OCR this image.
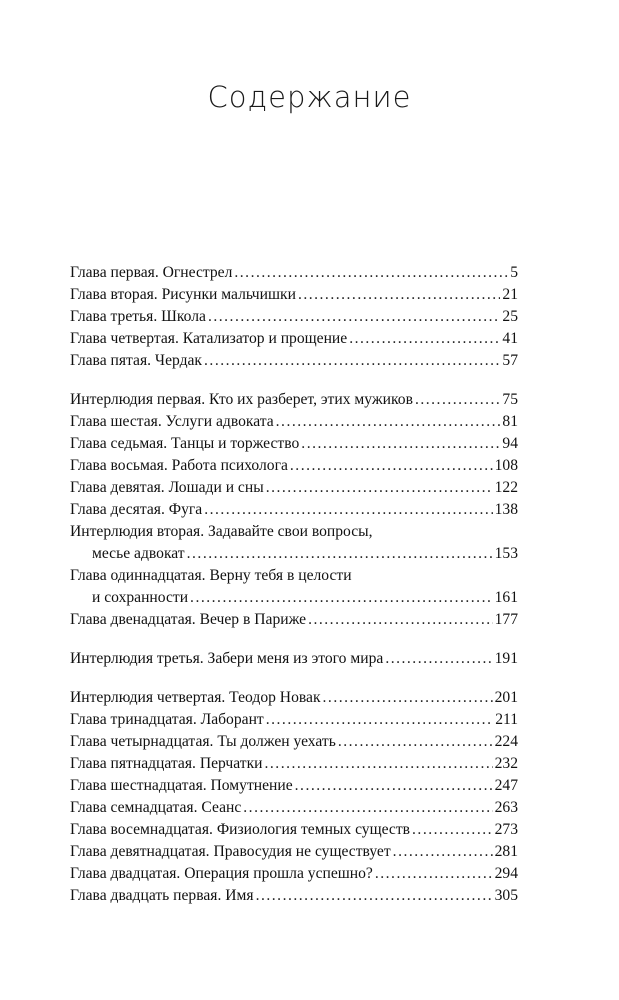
Содержание
Глава первая. Огнестрел .....	5
Глава вторая. Рисунки мальчишки .....	21
Глава третья. Школа .....	25
Глава четвертая. Катализатор и прощение .....	41
Глава пятая. Чердак .....	57
Интерлюдия первая. Кто их разберет, этих мужиков .....	75
Глава шестая. Услуги адвоката .....	81
Глава седьмая. Танцы и торжество .....	94
Глава восьмая. Работа психолога .....	108
Глава девятая. Лошади и сны .....	122
Глава десятая. Фуга .....	138
Интерлюдия вторая. Задавайте свои вопросы,
месье адвокат .....	153
Глава одиннадцатая. Верну тебя в целости
и сохранности .....	161
Глава двенадцатая. Вечер в Париже .....	177
Интерлюдия третья. Забери меня из этого мира .....	191
Интерлюдия четвертая. Теодор Новак .....	201
Глава тринадцатая. Лаборант .....	211
Глава четырнадцатая. Ты должен уехать .....	224
Глава пятнадцатая. Перчатки .....	232
Глава шестнадцатая. Помутнение .....	247
Глава семнадцатая. Сеанс .....	263
Глава восемнадцатая. Физиология темных существ .....	273
Глава девятнадцатая. Правосудия не существует .....	281
Глава двадцатая. Операция прошла успешно? .....	294
Глава двадцать первая. Имя .....	305
